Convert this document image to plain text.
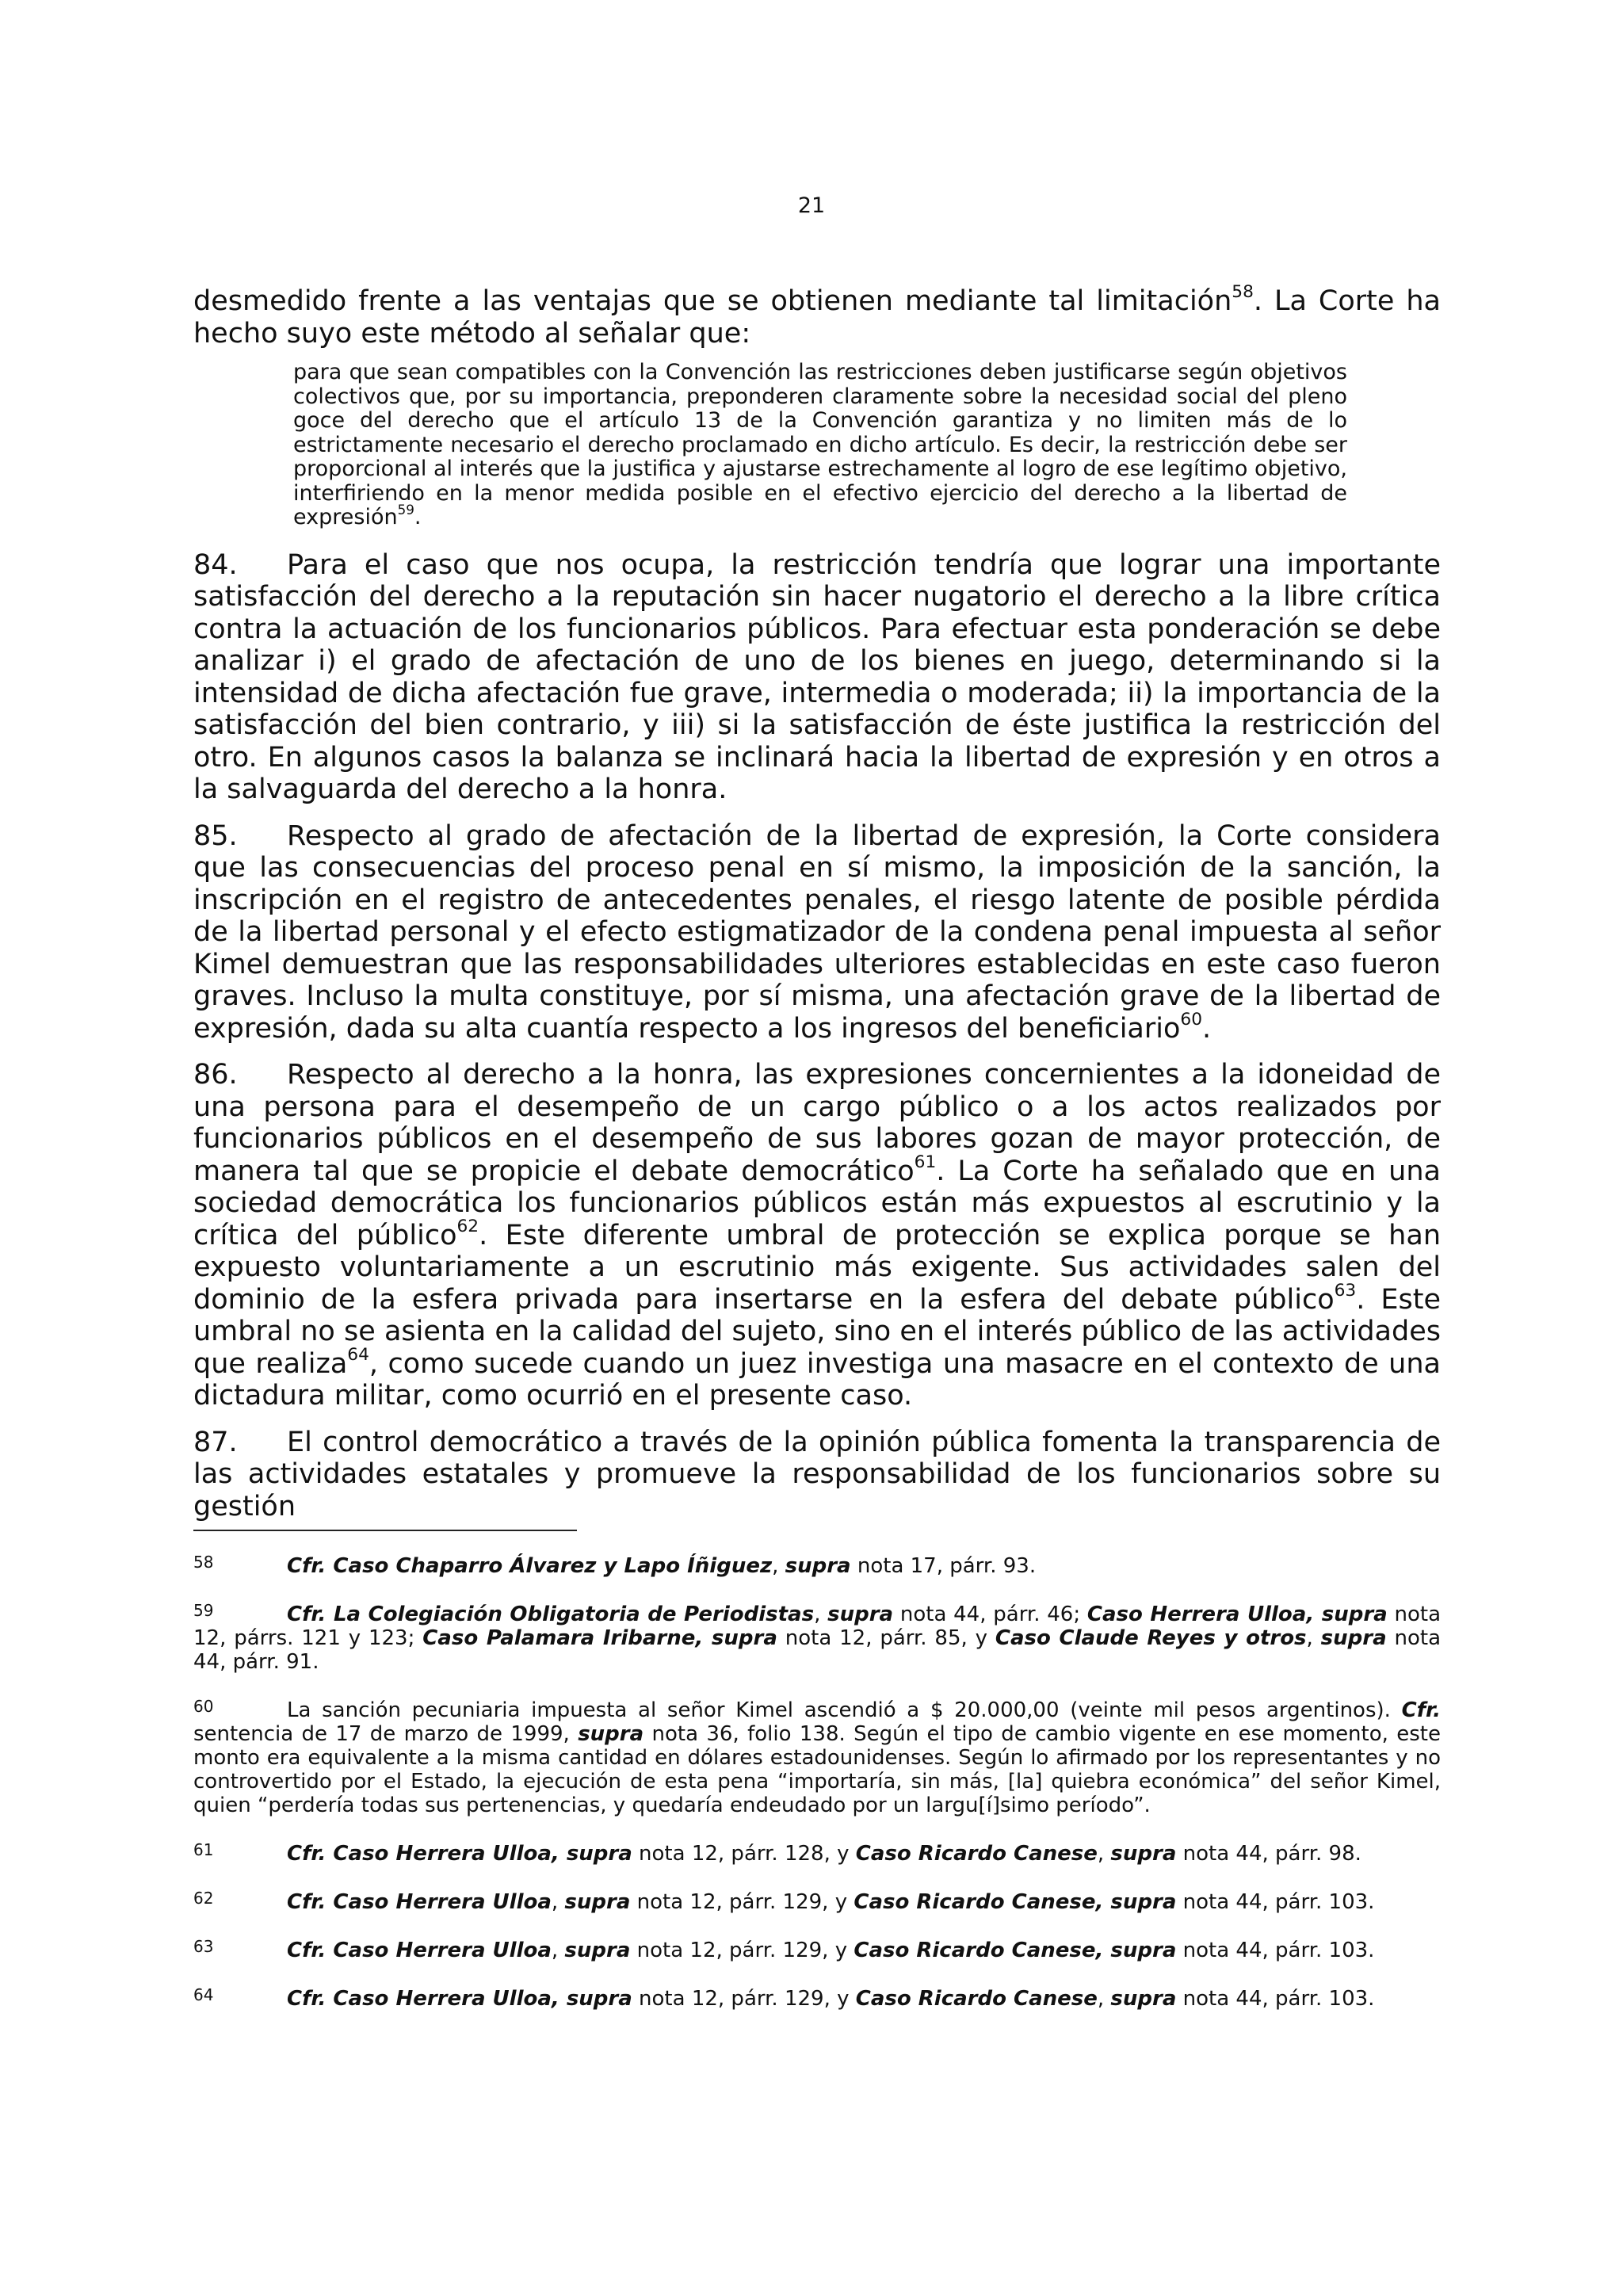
21

desmedido frente a las ventajas que se obtienen mediante tal limitación$^{58}$. La Corte ha hecho suyo este método al señalar que:

para que sean compatibles con la Convención las restricciones deben justificarse según objetivos colectivos que, por su importancia, preponderen claramente sobre la necesidad social del pleno goce del derecho que el artículo 13 de la Convención garantiza y no limiten más de lo estrictamente necesario el derecho proclamado en dicho artículo. Es decir, la restricción debe ser proporcional al interés que la justifica y ajustarse estrechamente al logro de ese legítimo objetivo, interfiriendo en la menor medida posible en el efectivo ejercicio del derecho a la libertad de expresión$^{59}$.

84. Para el caso que nos ocupa, la restricción tendría que lograr una importante satisfacción del derecho a la reputación sin hacer nugatorio el derecho a la libre crítica contra la actuación de los funcionarios públicos. Para efectuar esta ponderación se debe analizar i) el grado de afectación de uno de los bienes en juego, determinando si la intensidad de dicha afectación fue grave, intermedia o moderada; ii) la importancia de la satisfacción del bien contrario, y iii) si la satisfacción de éste justifica la restricción del otro. En algunos casos la balanza se inclinará hacia la libertad de expresión y en otros a la salvaguarda del derecho a la honra.

85. Respecto al grado de afectación de la libertad de expresión, la Corte considera que las consecuencias del proceso penal en sí mismo, la imposición de la sanción, la inscripción en el registro de antecedentes penales, el riesgo latente de posible pérdida de la libertad personal y el efecto estigmatizador de la condena penal impuesta al señor Kimel demuestran que las responsabilidades ulteriores establecidas en este caso fueron graves. Incluso la multa constituye, por sí misma, una afectación grave de la libertad de expresión, dada su alta cuantía respecto a los ingresos del beneficiario$^{60}$.

86. Respecto al derecho a la honra, las expresiones concernientes a la idoneidad de una persona para el desempeño de un cargo público o a los actos realizados por funcionarios públicos en el desempeño de sus labores gozan de mayor protección, de manera tal que se propicie el debate democrático$^{61}$. La Corte ha señalado que en una sociedad democrática los funcionarios públicos están más expuestos al escrutinio y la crítica del público$^{62}$. Este diferente umbral de protección se explica porque se han expuesto voluntariamente a un escrutinio más exigente. Sus actividades salen del dominio de la esfera privada para insertarse en la esfera del debate público$^{63}$. Este umbral no se asienta en la calidad del sujeto, sino en el interés público de las actividades que realiza$^{64}$, como sucede cuando un juez investiga una masacre en el contexto de una dictadura militar, como ocurrió en el presente caso.

87. El control democrático a través de la opinión pública fomenta la transparencia de las actividades estatales y promueve la responsabilidad de los funcionarios sobre su gestión

58	Cfr. Caso Chaparro Álvarez y Lapo Íñiguez, supra nota 17, párr. 93.

59	Cfr. La Colegiación Obligatoria de Periodistas, supra nota 44, párr. 46; Caso Herrera Ulloa, supra nota 12, párrs. 121 y 123; Caso Palamara Iribarne, supra nota 12, párr. 85, y Caso Claude Reyes y otros, supra nota 44, párr. 91.

60	La sanción pecuniaria impuesta al señor Kimel ascendió a $ 20.000,00 (veinte mil pesos argentinos). Cfr. sentencia de 17 de marzo de 1999, supra nota 36, folio 138. Según el tipo de cambio vigente en ese momento, este monto era equivalente a la misma cantidad en dólares estadounidenses. Según lo afirmado por los representantes y no controvertido por el Estado, la ejecución de esta pena “importaría, sin más, [la] quiebra económica” del señor Kimel, quien “perdería todas sus pertenencias, y quedaría endeudado por un largu[í]simo período”.

61	Cfr. Caso Herrera Ulloa, supra nota 12, párr. 128, y Caso Ricardo Canese, supra nota 44, párr. 98.

62	Cfr. Caso Herrera Ulloa, supra nota 12, párr. 129, y Caso Ricardo Canese, supra nota 44, párr. 103.

63	Cfr. Caso Herrera Ulloa, supra nota 12, párr. 129, y Caso Ricardo Canese, supra nota 44, párr. 103.

64	Cfr. Caso Herrera Ulloa, supra nota 12, párr. 129, y Caso Ricardo Canese, supra nota 44, párr. 103.
